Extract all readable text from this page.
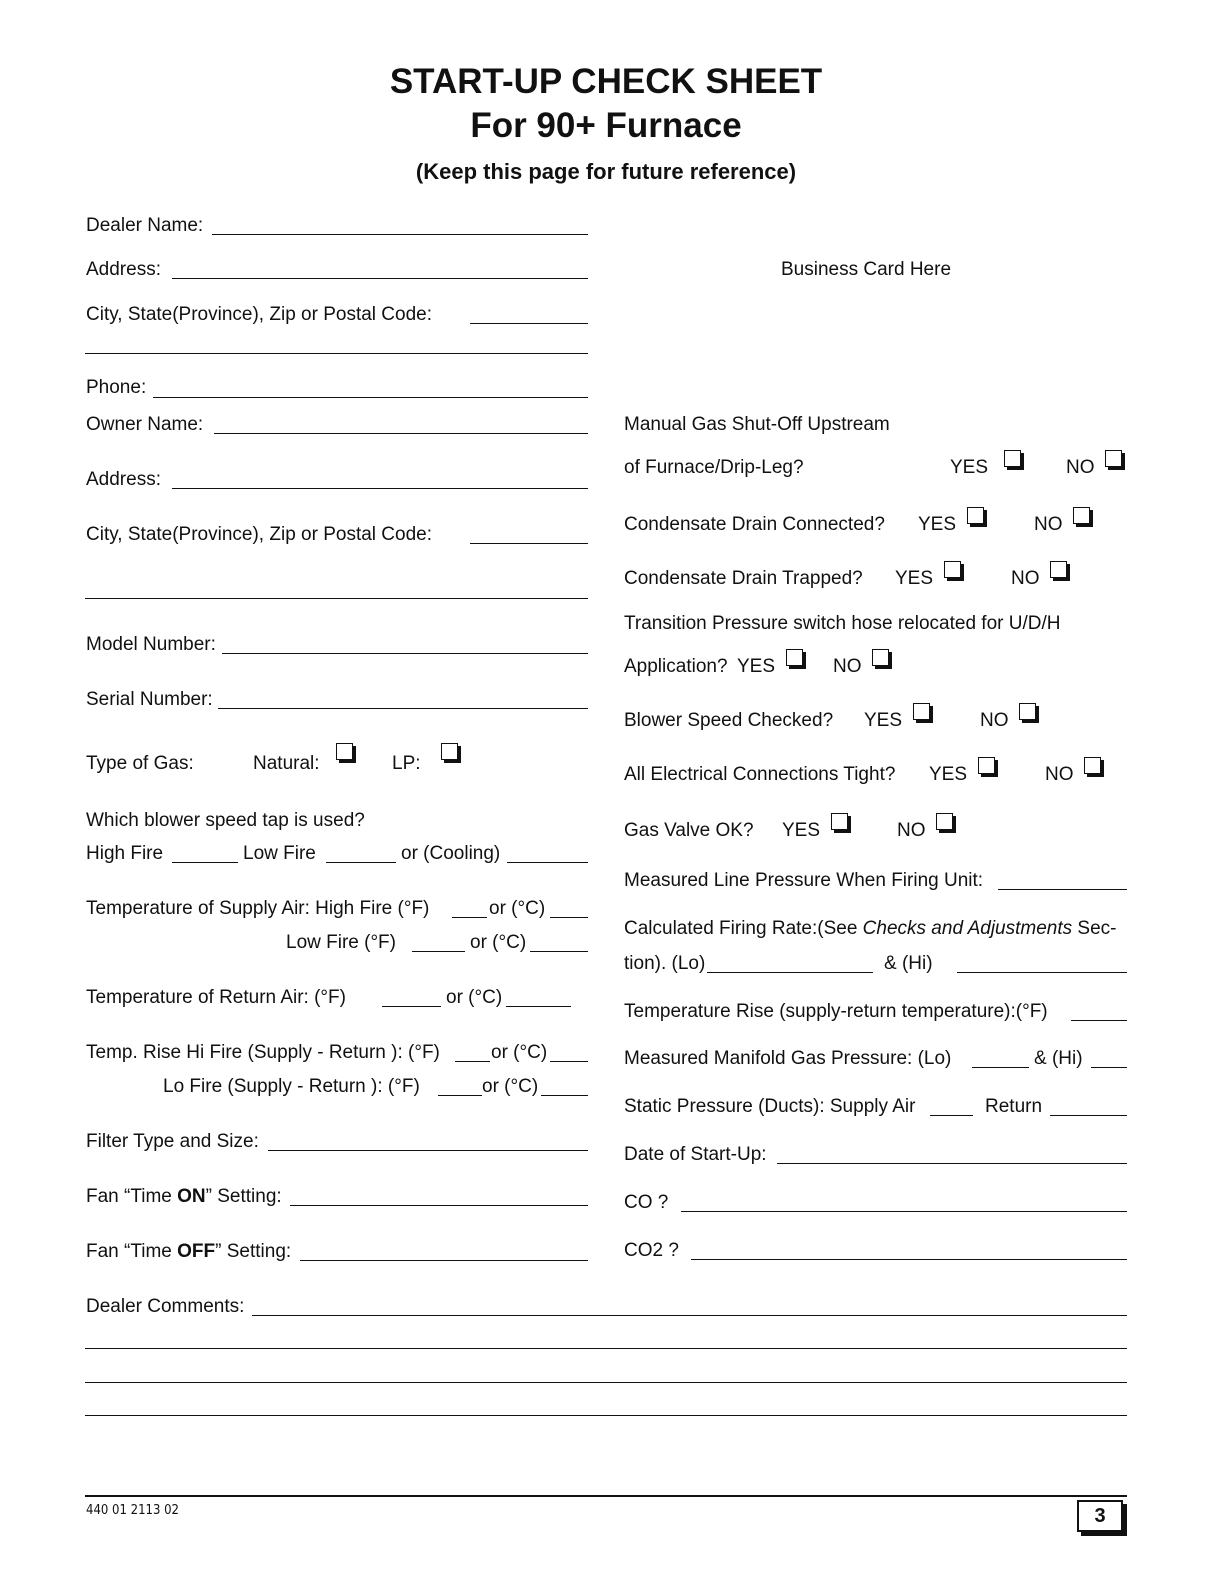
START-UP CHECK SHEET
For 90+ Furnace
(Keep this page for future reference)
Dealer Name:
Address:
City, State(Province), Zip or Postal Code:
Phone:
Business Card Here
Owner Name:
Address:
City, State(Province), Zip or Postal Code:
Model Number:
Serial Number:
Type of Gas:	Natural:	LP:
Which blower speed tap is used?
High Fire	Low Fire	or (Cooling)
Temperature of Supply Air: High Fire (°F)	or (°C)
Low Fire (°F)	or (°C)
Temperature of Return Air: (°F)	or (°C)
Temp. Rise Hi Fire (Supply - Return ): (°F)	or (°C)
Lo Fire (Supply - Return ): (°F)	or (°C)
Filter Type and Size:
Fan “Time ON” Setting:
Fan “Time OFF” Setting:
Manual Gas Shut-Off Upstream
of Furnace/Drip-Leg?	YES	NO
Condensate Drain Connected? YES	NO
Condensate Drain Trapped? YES	NO
Transition Pressure switch hose relocated for U/D/H
Application? YES	NO
Blower Speed Checked? YES	NO
All Electrical Connections Tight? YES	NO
Gas Valve OK? YES	NO
Measured Line Pressure When Firing Unit:
Calculated Firing Rate:(See Checks and Adjustments Sec-
tion). (Lo)	& (Hi)
Temperature Rise (supply-return temperature):(°F)
Measured Manifold Gas Pressure: (Lo)	& (Hi)
Static Pressure (Ducts): Supply Air	Return
Date of Start-Up:
CO ?
CO2 ?
Dealer Comments:
440 01 2113 02	3
